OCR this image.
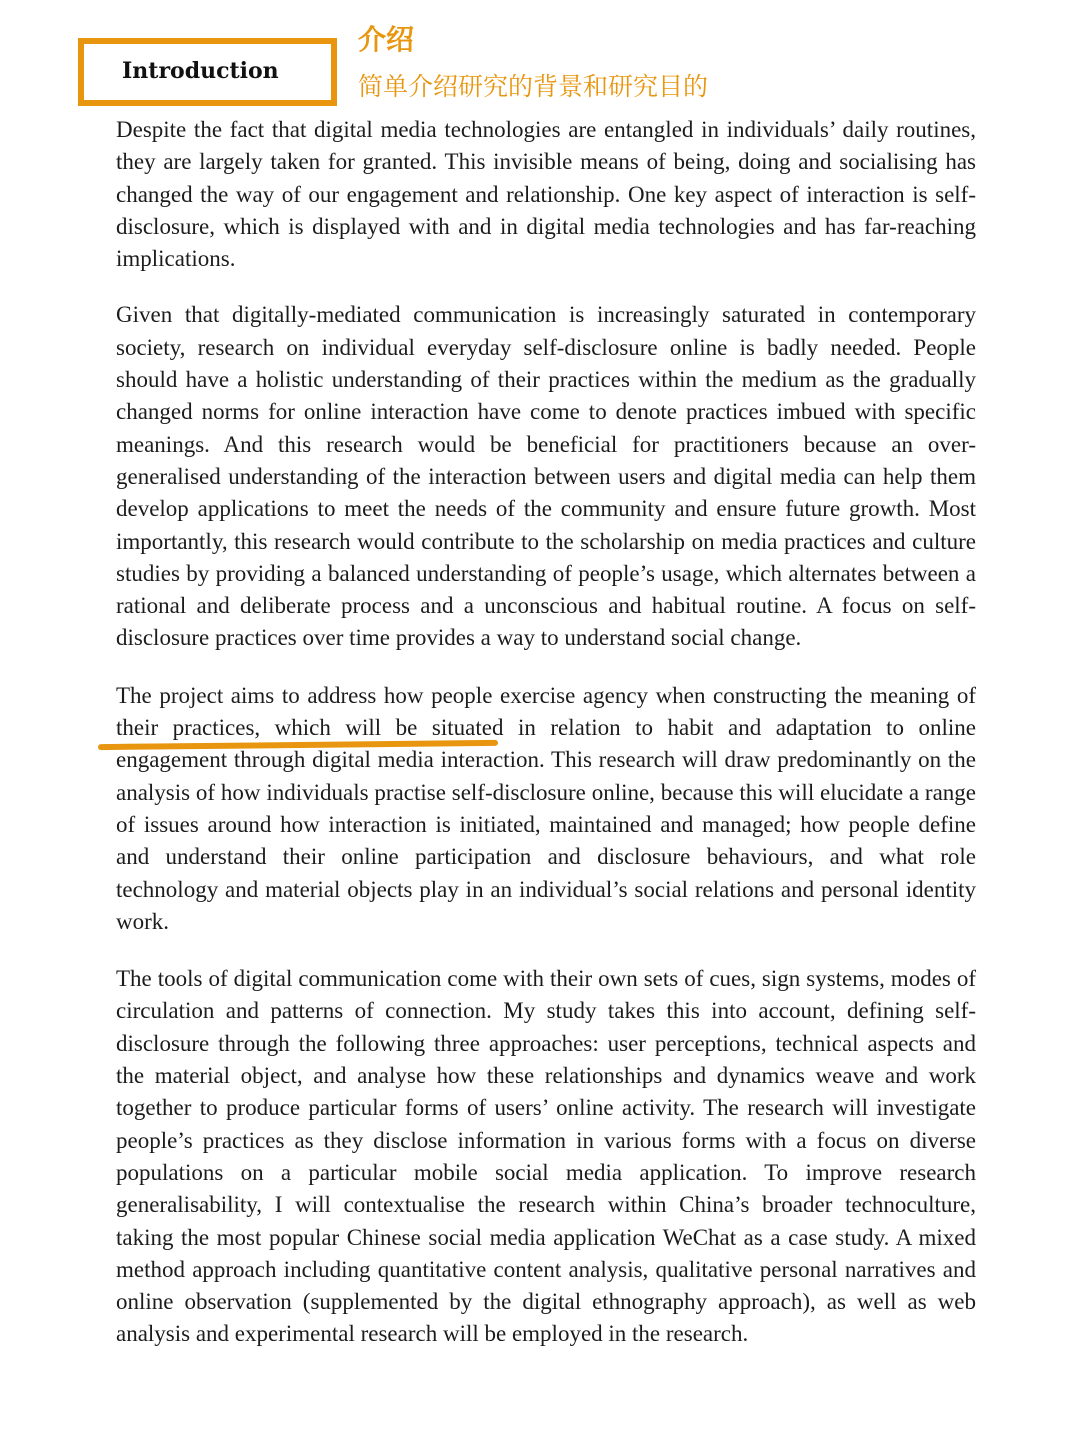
Introduction
介绍
简单介绍研究的背景和研究目的

Despite the fact that digital media technologies are entangled in individuals’ daily routines, they are largely taken for granted. This invisible means of being, doing and socialising has changed the way of our engagement and relationship. One key aspect of interaction is self-disclosure, which is displayed with and in digital media technologies and has far-reaching implications.

Given that digitally-mediated communication is increasingly saturated in contemporary society, research on individual everyday self-disclosure online is badly needed. People should have a holistic understanding of their practices within the medium as the gradually changed norms for online interaction have come to denote practices imbued with specific meanings. And this research would be beneficial for practitioners because an over-generalised understanding of the interaction between users and digital media can help them develop applications to meet the needs of the community and ensure future growth. Most importantly, this research would contribute to the scholarship on media practices and culture studies by providing a balanced understanding of people’s usage, which alternates between a rational and deliberate process and a unconscious and habitual routine. A focus on self-disclosure practices over time provides a way to understand social change.

The project aims to address how people exercise agency when constructing the meaning of their practices, which will be situated in relation to habit and adaptation to online engagement through digital media interaction. This research will draw predominantly on the analysis of how individuals practise self-disclosure online, because this will elucidate a range of issues around how interaction is initiated, maintained and managed; how people define and understand their online participation and disclosure behaviours, and what role technology and material objects play in an individual’s social relations and personal identity work.

The tools of digital communication come with their own sets of cues, sign systems, modes of circulation and patterns of connection. My study takes this into account, defining self-disclosure through the following three approaches: user perceptions, technical aspects and the material object, and analyse how these relationships and dynamics weave and work together to produce particular forms of users’ online activity. The research will investigate people’s practices as they disclose information in various forms with a focus on diverse populations on a particular mobile social media application. To improve research generalisability, I will contextualise the research within China’s broader technoculture, taking the most popular Chinese social media application WeChat as a case study. A mixed method approach including quantitative content analysis, qualitative personal narratives and online observation (supplemented by the digital ethnography approach), as well as web analysis and experimental research will be employed in the research.
